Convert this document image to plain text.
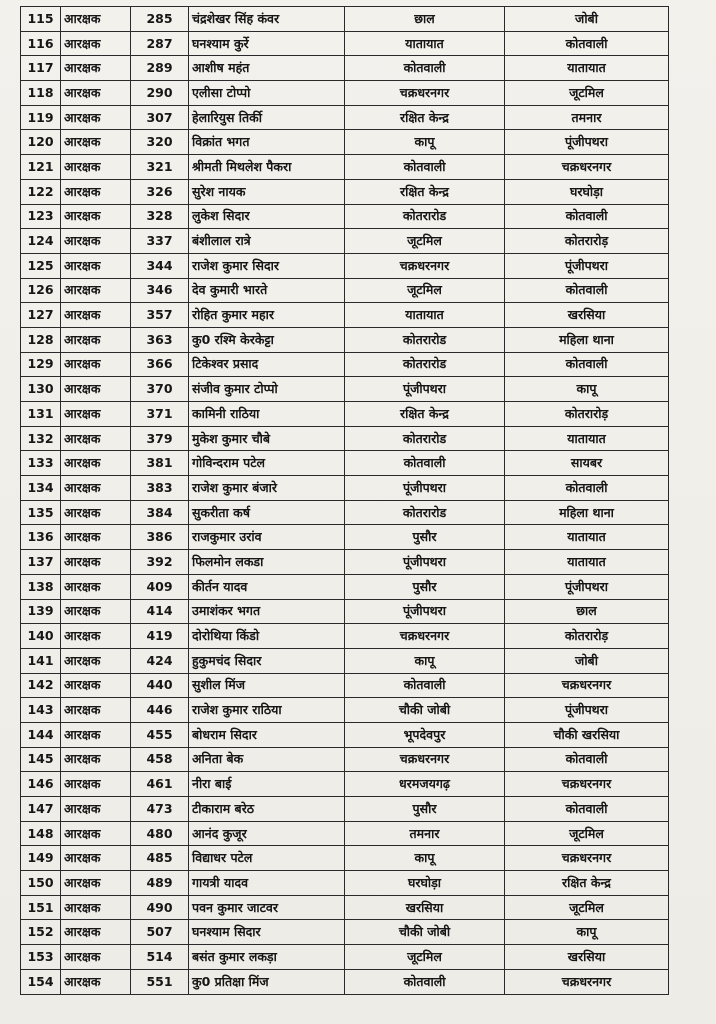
115	आरक्षक	285	चंद्रशेखर सिंह कंवर	छाल	जोबी
116	आरक्षक	287	घनश्याम कुर्रे	यातायात	कोतवाली
117	आरक्षक	289	आशीष महंत	कोतवाली	यातायात
118	आरक्षक	290	एलीसा टोप्पो	चक्रधरनगर	जूटमिल
119	आरक्षक	307	हेलारियुस तिर्की	रक्षित केन्द्र	तमनार
120	आरक्षक	320	विक्रांत भगत	कापू	पूंजीपथरा
121	आरक्षक	321	श्रीमती मिथलेश पैकरा	कोतवाली	चक्रधरनगर
122	आरक्षक	326	सुरेश नायक	रक्षित केन्द्र	घरघोड़ा
123	आरक्षक	328	लुकेश सिदार	कोतरारोड	कोतवाली
124	आरक्षक	337	बंशीलाल रात्रे	जूटमिल	कोतरारोड़
125	आरक्षक	344	राजेश कुमार सिदार	चक्रधरनगर	पूंजीपथरा
126	आरक्षक	346	देव कुमारी भारते	जूटमिल	कोतवाली
127	आरक्षक	357	रोहित कुमार महार	यातायात	खरसिया
128	आरक्षक	363	कु0 रश्मि केरकेट्टा	कोतरारोड	महिला थाना
129	आरक्षक	366	टिकेश्वर प्रसाद	कोतरारोड	कोतवाली
130	आरक्षक	370	संजीव कुमार टोप्पो	पूंजीपथरा	कापू
131	आरक्षक	371	कामिनी राठिया	रक्षित केन्द्र	कोतरारोड़
132	आरक्षक	379	मुकेश कुमार चौबे	कोतरारोड	यातायात
133	आरक्षक	381	गोविन्दराम पटेल	कोतवाली	सायबर
134	आरक्षक	383	राजेश कुमार बंजारे	पूंजीपथरा	कोतवाली
135	आरक्षक	384	सुकरीता कर्ष	कोतरारोड	महिला थाना
136	आरक्षक	386	राजकुमार उरांव	पुसौर	यातायात
137	आरक्षक	392	फिलमोन लकडा	पूंजीपथरा	यातायात
138	आरक्षक	409	कीर्तन यादव	पुसौर	पूंजीपथरा
139	आरक्षक	414	उमाशंकर भगत	पूंजीपथरा	छाल
140	आरक्षक	419	दोरोथिया किंडो	चक्रधरनगर	कोतरारोड़
141	आरक्षक	424	हुकुमचंद सिदार	कापू	जोबी
142	आरक्षक	440	सुशील मिंज	कोतवाली	चक्रधरनगर
143	आरक्षक	446	राजेश कुमार राठिया	चौकी जोबी	पूंजीपथरा
144	आरक्षक	455	बोधराम सिदार	भूपदेवपुर	चौकी खरसिया
145	आरक्षक	458	अनिता बेक	चक्रधरनगर	कोतवाली
146	आरक्षक	461	नीरा बाई	धरमजयगढ़	चक्रधरनगर
147	आरक्षक	473	टीकाराम बरेठ	पुसौर	कोतवाली
148	आरक्षक	480	आनंद कुजूर	तमनार	जूटमिल
149	आरक्षक	485	विद्याधर पटेल	कापू	चक्रधरनगर
150	आरक्षक	489	गायत्री यादव	घरघोड़ा	रक्षित केन्द्र
151	आरक्षक	490	पवन कुमार जाटवर	खरसिया	जूटमिल
152	आरक्षक	507	घनश्याम सिदार	चौकी जोबी	कापू
153	आरक्षक	514	बसंत कुमार लकड़ा	जूटमिल	खरसिया
154	आरक्षक	551	कु0 प्रतिक्षा मिंज	कोतवाली	चक्रधरनगर
